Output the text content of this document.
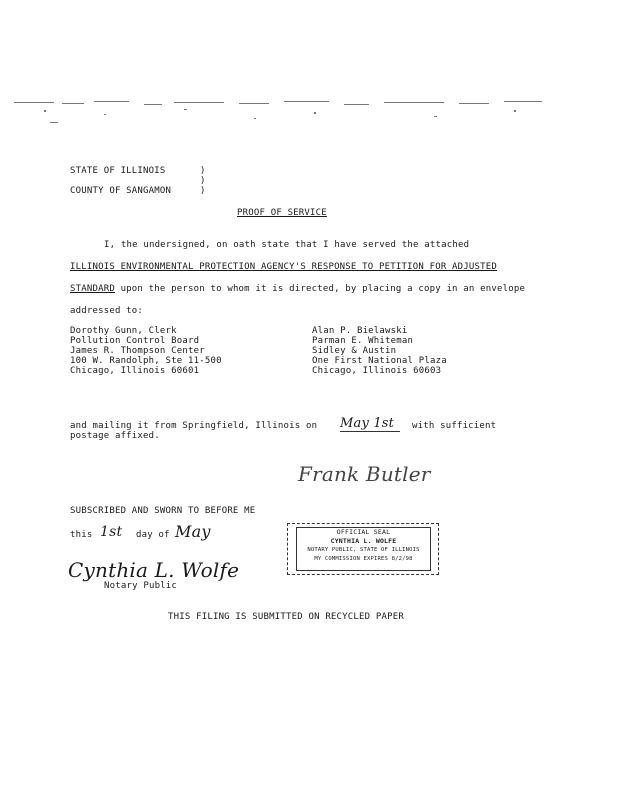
STATE OF ILLINOIS	)
)
COUNTY OF SANGAMON	)
PROOF OF SERVICE
I, the undersigned, on oath state that I have served the attached
ILLINOIS ENVIRONMENTAL PROTECTION AGENCY'S RESPONSE TO PETITION FOR ADJUSTED
STANDARD upon the person to whom it is directed, by placing a copy in an envelope
addressed to:
Dorothy Gunn, Clerk
Pollution Control Board
James R. Thompson Center
100 W. Randolph, Ste 11-500
Chicago, Illinois 60601
Alan P. Bielawski
Parman E. Whiteman
Sidley & Austin
One First National Plaza
Chicago, Illinois 60603
and mailing it from Springfield, Illinois on May 1st	with sufficient
postage affixed.
Frank Butler
SUBSCRIBED AND SWORN TO BEFORE ME
this 1st day of May
Cynthia L. Wolfe
Notary Public
OFFICIAL SEAL
CYNTHIA L. WOLFE
NOTARY PUBLIC, STATE OF ILLINOIS
MY COMMISSION EXPIRES 8/2/98
THIS FILING IS SUBMITTED ON RECYCLED PAPER
